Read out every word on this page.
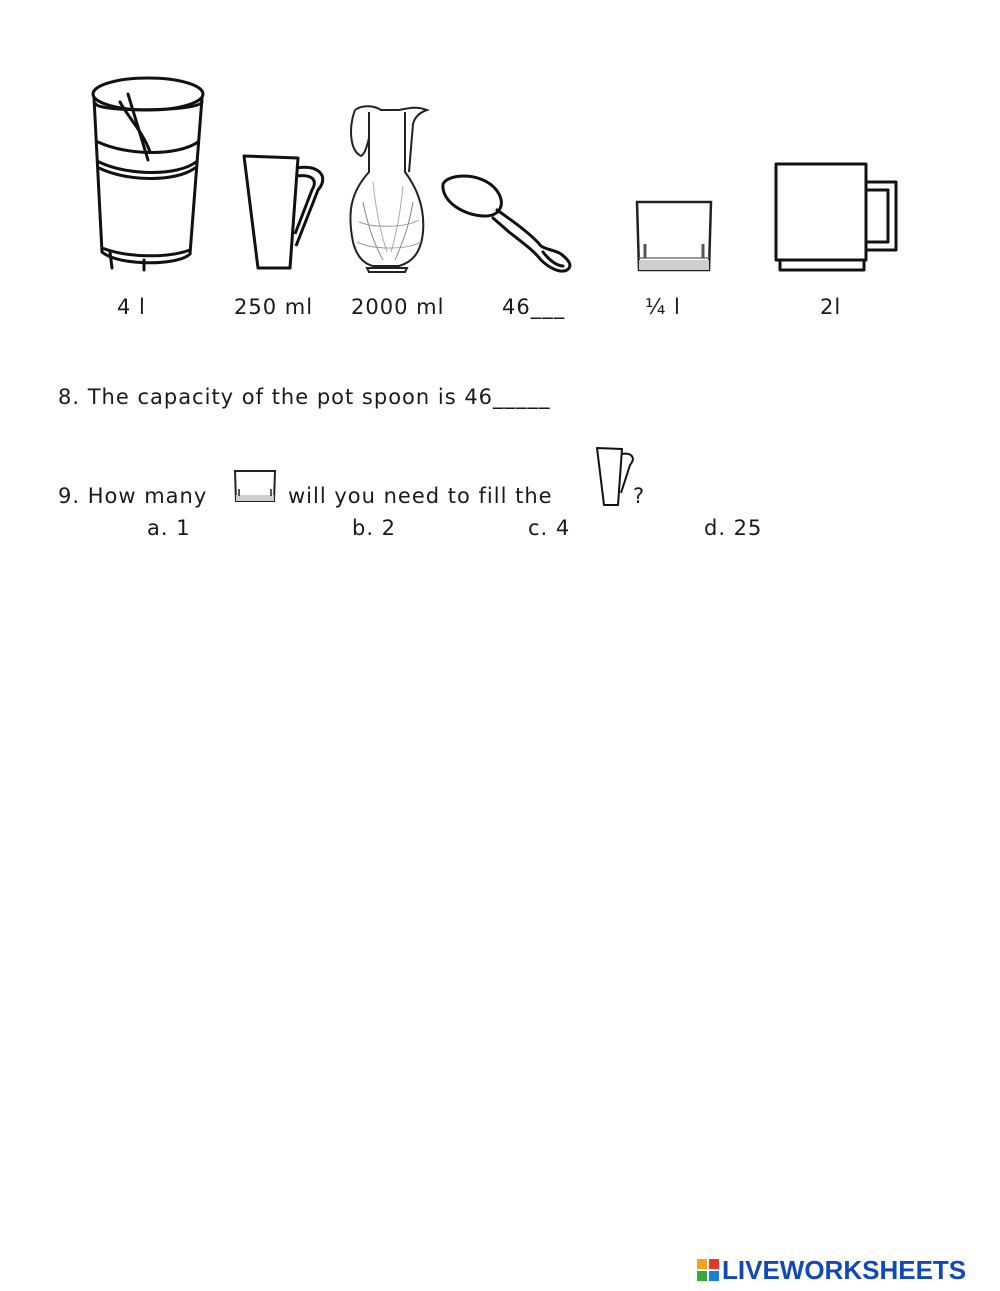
4 l	250 ml 2000 ml	46___	¼ l	2l
8. The capacity of the pot spoon is 46_____
9. How many	will you need to fill the	?
a. 1	b. 2	c. 4	d. 25
LIVEWORKSHEETS
